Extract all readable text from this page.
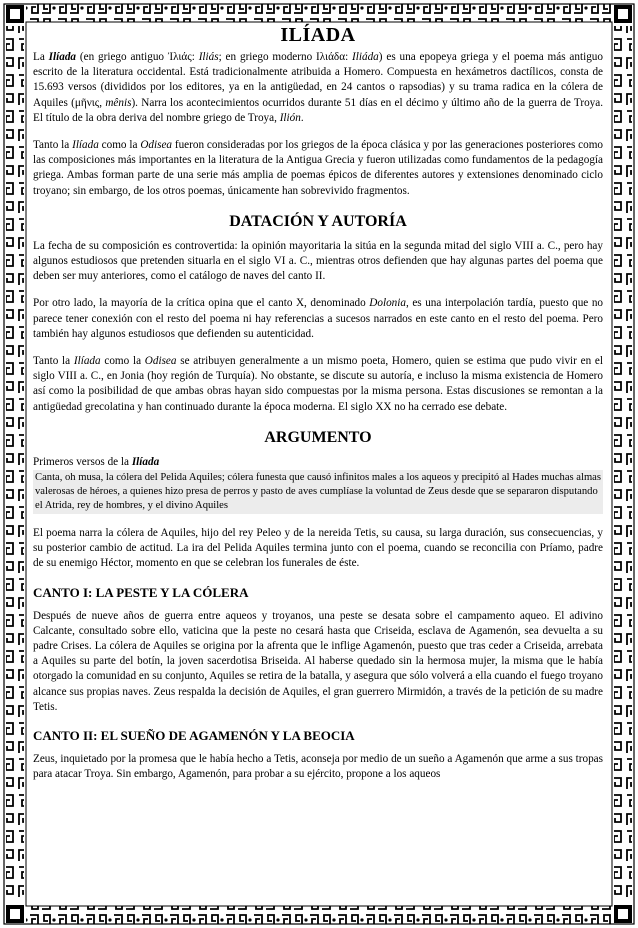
ILÍADA

La Ilíada (en griego antiguo Ἰλιάς: Iliás; en griego moderno Ιλιάδα: Iliáda) es una epopeya griega y el poema más antiguo escrito de la literatura occidental. Está tradicionalmente atribuida a Homero. Compuesta en hexámetros dactílicos, consta de 15.693 versos (divididos por los editores, ya en la antigüedad, en 24 cantos o rapsodias) y su trama radica en la cólera de Aquiles (μῆνις, mênis). Narra los acontecimientos ocurridos durante 51 días en el décimo y último año de la guerra de Troya. El título de la obra deriva del nombre griego de Troya, Ilión.

Tanto la Ilíada como la Odisea fueron consideradas por los griegos de la época clásica y por las generaciones posteriores como las composiciones más importantes en la literatura de la Antigua Grecia y fueron utilizadas como fundamentos de la pedagogía griega. Ambas forman parte de una serie más amplia de poemas épicos de diferentes autores y extensiones denominado ciclo troyano; sin embargo, de los otros poemas, únicamente han sobrevivido fragmentos.

DATACIÓN Y AUTORÍA

La fecha de su composición es controvertida: la opinión mayoritaria la sitúa en la segunda mitad del siglo VIII a. C., pero hay algunos estudiosos que pretenden situarla en el siglo VI a. C., mientras otros defienden que hay algunas partes del poema que deben ser muy anteriores, como el catálogo de naves del canto II.

Por otro lado, la mayoría de la crítica opina que el canto X, denominado Dolonia, es una interpolación tardía, puesto que no parece tener conexión con el resto del poema ni hay referencias a sucesos narrados en este canto en el resto del poema. Pero también hay algunos estudiosos que defienden su autenticidad.

Tanto la Ilíada como la Odisea se atribuyen generalmente a un mismo poeta, Homero, quien se estima que pudo vivir en el siglo VIII a. C., en Jonia (hoy región de Turquía). No obstante, se discute su autoría, e incluso la misma existencia de Homero así como la posibilidad de que ambas obras hayan sido compuestas por la misma persona. Estas discusiones se remontan a la antigüedad grecolatina y han continuado durante la época moderna. El siglo XX no ha cerrado ese debate.

ARGUMENTO
Primeros versos de la Ilíada
Canta, oh musa, la cólera del Pelida Aquiles; cólera funesta que causó infinitos males a los aqueos y precipitó al Hades muchas almas valerosas de héroes, a quienes hizo presa de perros y pasto de aves cumplíase la voluntad de Zeus desde que se separaron disputando el Atrida, rey de hombres, y el divino Aquiles

El poema narra la cólera de Aquiles, hijo del rey Peleo y de la nereida Tetis, su causa, su larga duración, sus consecuencias, y su posterior cambio de actitud. La ira del Pelida Aquiles termina junto con el poema, cuando se reconcilia con Príamo, padre de su enemigo Héctor, momento en que se celebran los funerales de éste.

CANTO I: LA PESTE Y LA CÓLERA

Después de nueve años de guerra entre aqueos y troyanos, una peste se desata sobre el campamento aqueo. El adivino Calcante, consultado sobre ello, vaticina que la peste no cesará hasta que Criseida, esclava de Agamenón, sea devuelta a su padre Crises. La cólera de Aquiles se origina por la afrenta que le inflige Agamenón, puesto que tras ceder a Criseida, arrebata a Aquiles su parte del botín, la joven sacerdotisa Briseida. Al haberse quedado sin la hermosa mujer, la misma que le había otorgado la comunidad en su conjunto, Aquiles se retira de la batalla, y asegura que sólo volverá a ella cuando el fuego troyano alcance sus propias naves. Zeus respalda la decisión de Aquiles, el gran guerrero Mirmidón, a través de la petición de su madre Tetis.

CANTO II: EL SUEÑO DE AGAMENÓN Y LA BEOCIA

Zeus, inquietado por la promesa que le había hecho a Tetis, aconseja por medio de un sueño a Agamenón que arme a sus tropas para atacar Troya. Sin embargo, Agamenón, para probar a su ejército, propone a los aqueos
